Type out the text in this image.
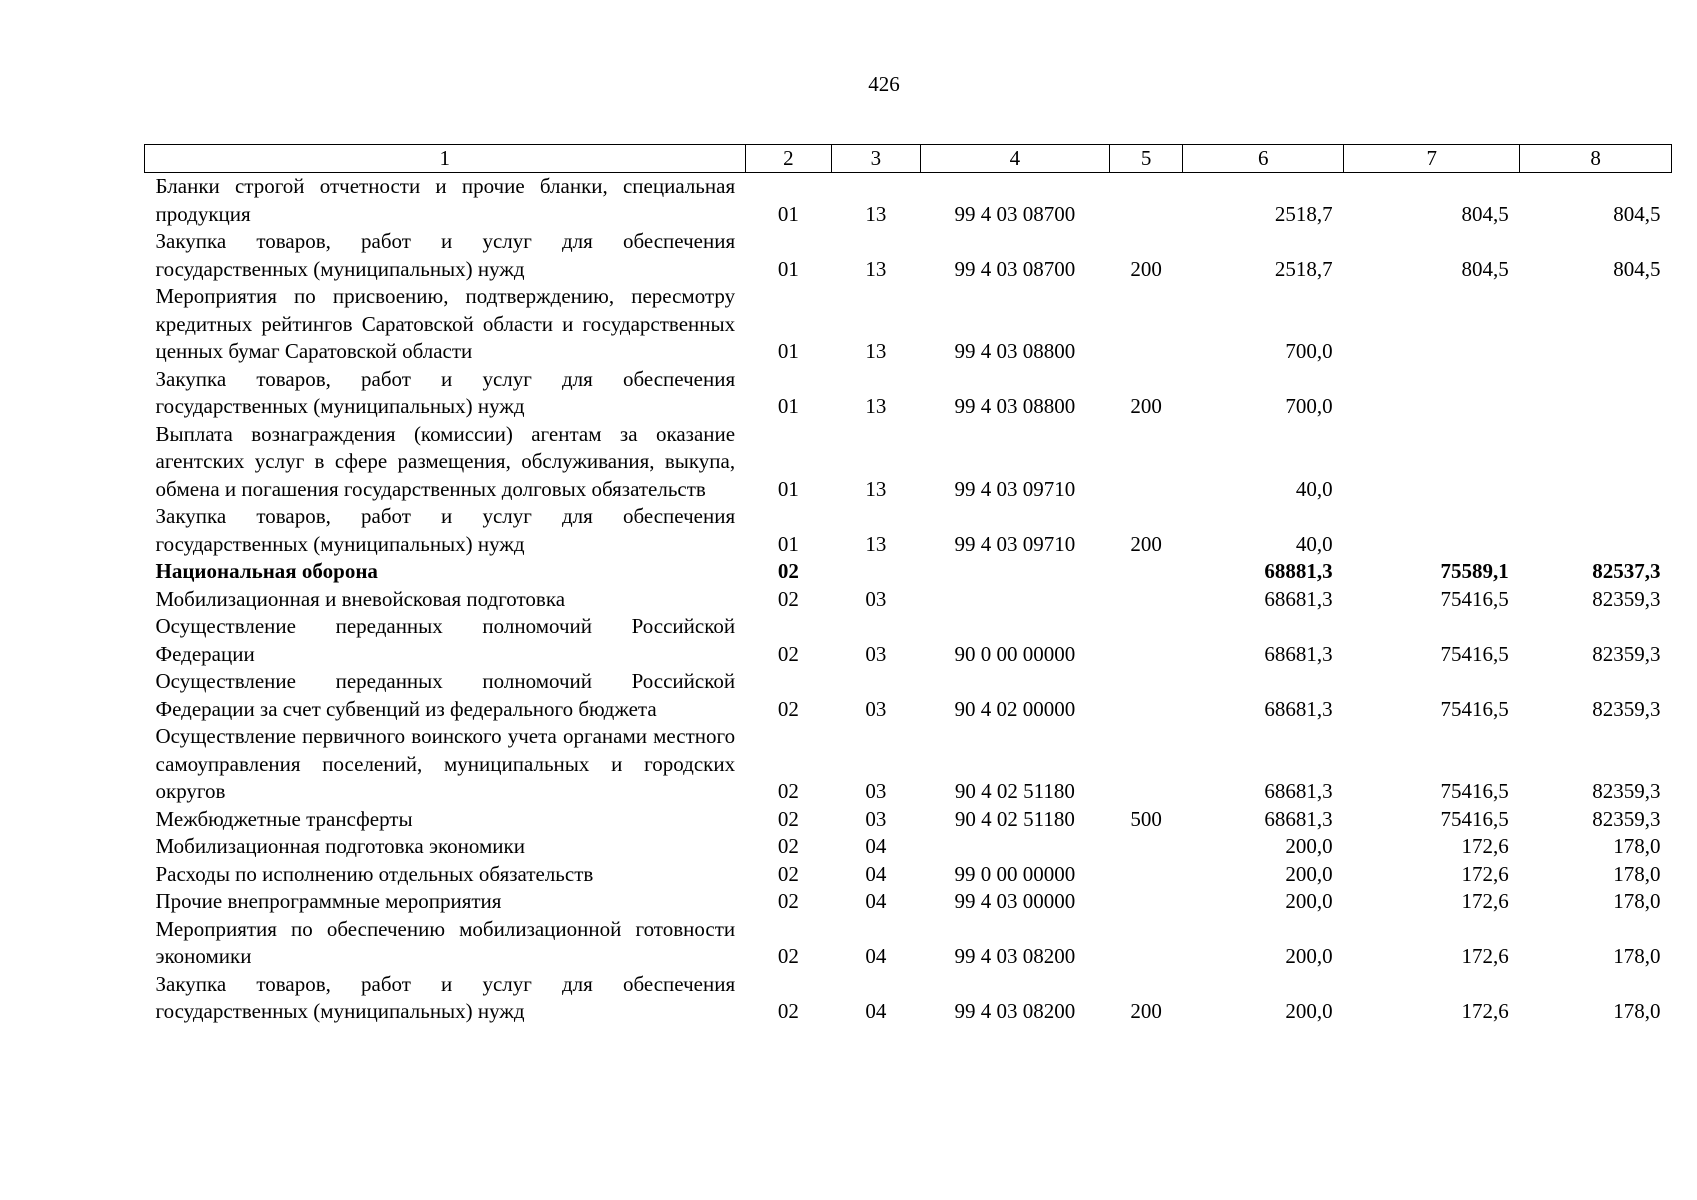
426
1	2	3	4	5	6	7	8
Бланки строгой отчетности и прочие бланки, специальная продукция	01	13	99 4 03 08700		2518,7	804,5	804,5
Закупка товаров, работ и услуг для обеспечения государственных (муниципальных) нужд	01	13	99 4 03 08700	200	2518,7	804,5	804,5
Мероприятия по присвоению, подтверждению, пересмотру кредитных рейтингов Саратовской области и государственных ценных бумаг Саратовской области	01	13	99 4 03 08800		700,0		
Закупка товаров, работ и услуг для обеспечения государственных (муниципальных) нужд	01	13	99 4 03 08800	200	700,0		
Выплата вознаграждения (комиссии) агентам за оказание агентских услуг в сфере размещения, обслуживания, выкупа, обмена и погашения государственных долговых обязательств	01	13	99 4 03 09710		40,0		
Закупка товаров, работ и услуг для обеспечения государственных (муниципальных) нужд	01	13	99 4 03 09710	200	40,0		
Национальная оборона	02				68881,3	75589,1	82537,3
Мобилизационная и вневойсковая подготовка	02	03			68681,3	75416,5	82359,3
Осуществление переданных полномочий Российской Федерации	02	03	90 0 00 00000		68681,3	75416,5	82359,3
Осуществление переданных полномочий Российской Федерации за счет субвенций из федерального бюджета	02	03	90 4 02 00000		68681,3	75416,5	82359,3
Осуществление первичного воинского учета органами местного самоуправления поселений, муниципальных и городских округов	02	03	90 4 02 51180		68681,3	75416,5	82359,3
Межбюджетные трансферты	02	03	90 4 02 51180	500	68681,3	75416,5	82359,3
Мобилизационная подготовка экономики	02	04			200,0	172,6	178,0
Расходы по исполнению отдельных обязательств	02	04	99 0 00 00000		200,0	172,6	178,0
Прочие внепрограммные мероприятия	02	04	99 4 03 00000		200,0	172,6	178,0
Мероприятия по обеспечению мобилизационной готовности экономики	02	04	99 4 03 08200		200,0	172,6	178,0
Закупка товаров, работ и услуг для обеспечения государственных (муниципальных) нужд	02	04	99 4 03 08200	200	200,0	172,6	178,0
